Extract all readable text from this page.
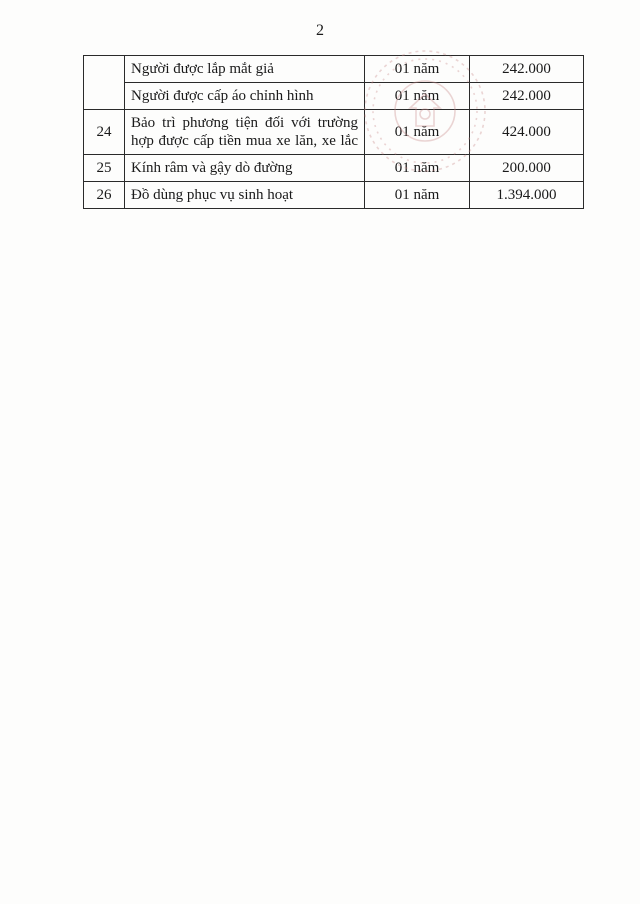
2
	Người được lắp mắt giả	01 năm	242.000
	Người được cấp áo chỉnh hình	01 năm	242.000
24	Bảo trì phương tiện đối với trường hợp được cấp tiền mua xe lăn, xe lắc	01 năm	424.000
25	Kính râm và gậy dò đường	01 năm	200.000
26	Đồ dùng phục vụ sinh hoạt	01 năm	1.394.000
